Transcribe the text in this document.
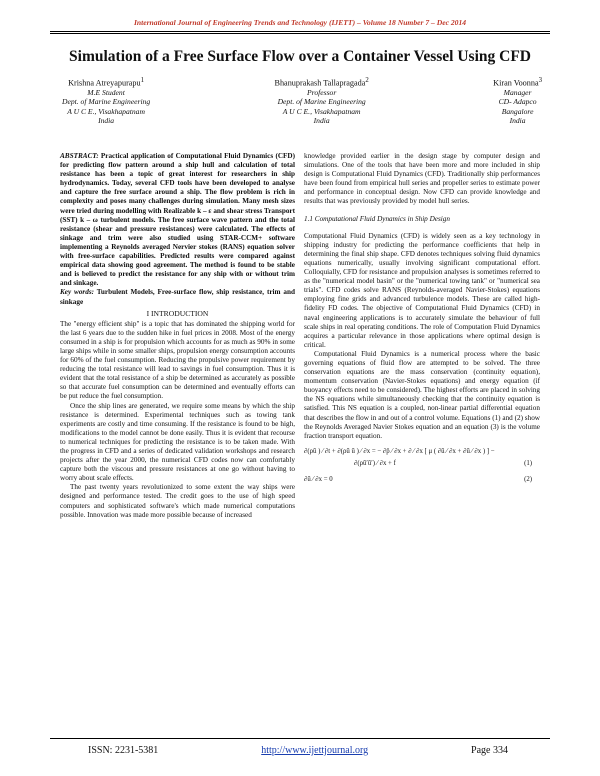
International Journal of Engineering Trends and Technology (IJETT) – Volume 18 Number 7 – Dec 2014
Simulation of a Free Surface Flow over a Container Vessel Using CFD
Krishna Atreyapurapu$^1$
M.E Student
Dept. of Marine Engineering
A U C E., Visakhapatnam
India
Bhanuprakash Tallapragada$^2$
Professor
Dept. of Marine Engineering
A U C E., Visakhapatnam
India
Kiran Voonna$^3$
Manager
CD- Adapco
Bangalore
India

ABSTRACT: Practical application of Computational Fluid Dynamics (CFD) for predicting flow pattern around a ship hull and calculation of total resistance has been a topic of great interest for researchers in ship hydrodynamics. Today, several CFD tools have been developed to analyse and capture the free surface around a ship. The flow problem is rich in complexity and poses many challenges during simulation. Many mesh sizes were tried during modelling with Realizable k – ε and shear stress Transport (SST) k – ω turbulent models. The free surface wave pattern and the total resistance (shear and pressure resistances) were calculated. The effects of sinkage and trim were also studied using STAR-CCM+ software implementing a Reynolds averaged Nervier stokes (RANS) equation solver with free-surface capabilities. Predicted results were compared against empirical data showing good agreement. The method is found to be stable and is believed to predict the resistance for any ship with or without trim and sinkage.

Key words: Turbulent Models, Free-surface flow, ship resistance, trim and sinkage

I INTRODUCTION

The "energy efficient ship" is a topic that has dominated the shipping world for the last 6 years due to the sudden hike in fuel prices in 2008. Most of the energy consumed in a ship is for propulsion which accounts for as much as 90% in some large ships while in some smaller ships, propulsion energy consumption accounts for 60% of the fuel consumption. Reducing the propulsive power requirement by reducing the total resistance will lead to savings in fuel consumption. Thus it is evident that the total resistance of a ship be determined as accurately as possible so that accurate fuel consumption can be determined and eventually efforts can be put reduce the fuel consumption.

Once the ship lines are generated, we require some means by which the ship resistance is determined. Experimental techniques such as towing tank experiments are costly and time consuming. If the resistance is found to be high, modifications to the model cannot be done easily. Thus it is evident that recourse to numerical techniques for predicting the resistance is to be taken made. With the progress in CFD and a series of dedicated validation workshops and research projects after the year 2000, the numerical CFD codes now can comfortably capture both the viscous and pressure resistances at one go without having to worry about scale effects.

The past twenty years revolutionized to some extent the way ships were designed and performance tested. The credit goes to the use of high speed computers and sophisticated software's which made numerical computations possible. Innovation was made more possible because of increased

knowledge provided earlier in the design stage by computer design and simulations. One of the tools that have been more and more included in ship design is Computational Fluid Dynamics (CFD). Traditionally ship performances have been found from empirical hull series and propeller series to estimate power and performance in conceptual design. Now CFD can provide knowledge and results that was previously provided by model hull series.

1.1 Computational Fluid Dynamics in Ship Design

Computational Fluid Dynamics (CFD) is widely seen as a key technology in shipping industry for predicting the performance coefficients that help in determining the final ship shape. CFD denotes techniques solving fluid dynamics equations numerically, usually involving significant computational effort. Colloquially, CFD for resistance and propulsion analyses is sometimes referred to as the "numerical model basin" or the "numerical towing tank" or "numerical sea trials". CFD codes solve RANS (Reynolds-averaged Navier-Stokes) equations employing fine grids and advanced turbulence models. These are called high-fidelity FD codes. The objective of Computational Fluid Dynamics (CFD) in naval engineering applications is to accurately simulate the behaviour of full scale ships in real operating conditions. The role of Computation Fluid Dynamics acquires a particular relevance in those applications where optimal design is critical.

Computational Fluid Dynamics is a numerical process where the basic governing equations of fluid flow are attempted to be solved. The three conservation equations are the mass conservation (continuity equation), momentum conservation (Navier-Stokes equations) and energy equation (if buoyancy effects need to be considered). The highest efforts are placed in solving the NS equations while simultaneously checking that the continuity equation is satisfied. This NS equation is a coupled, non-linear partial differential equation that describes the flow in and out of a control volume. Equations (1) and (2) show the Reynolds Averaged Navier Stokes equation and an equation (3) is the volume fraction transport equation.

∂(ρū ) ⁄ ∂t + ∂(ρū ū ) ⁄ ∂x = − ∂p̄ ⁄ ∂x + ∂ ⁄ ∂x [ μ ( ∂ū ⁄ ∂x + ∂ū ⁄ ∂x ) ] −
∂(ρū′ū′) ⁄ ∂x + f	(1)
∂ū ⁄ ∂x = 0	(2)
ISSN: 2231-5381	http://www.ijettjournal.org	Page 334
